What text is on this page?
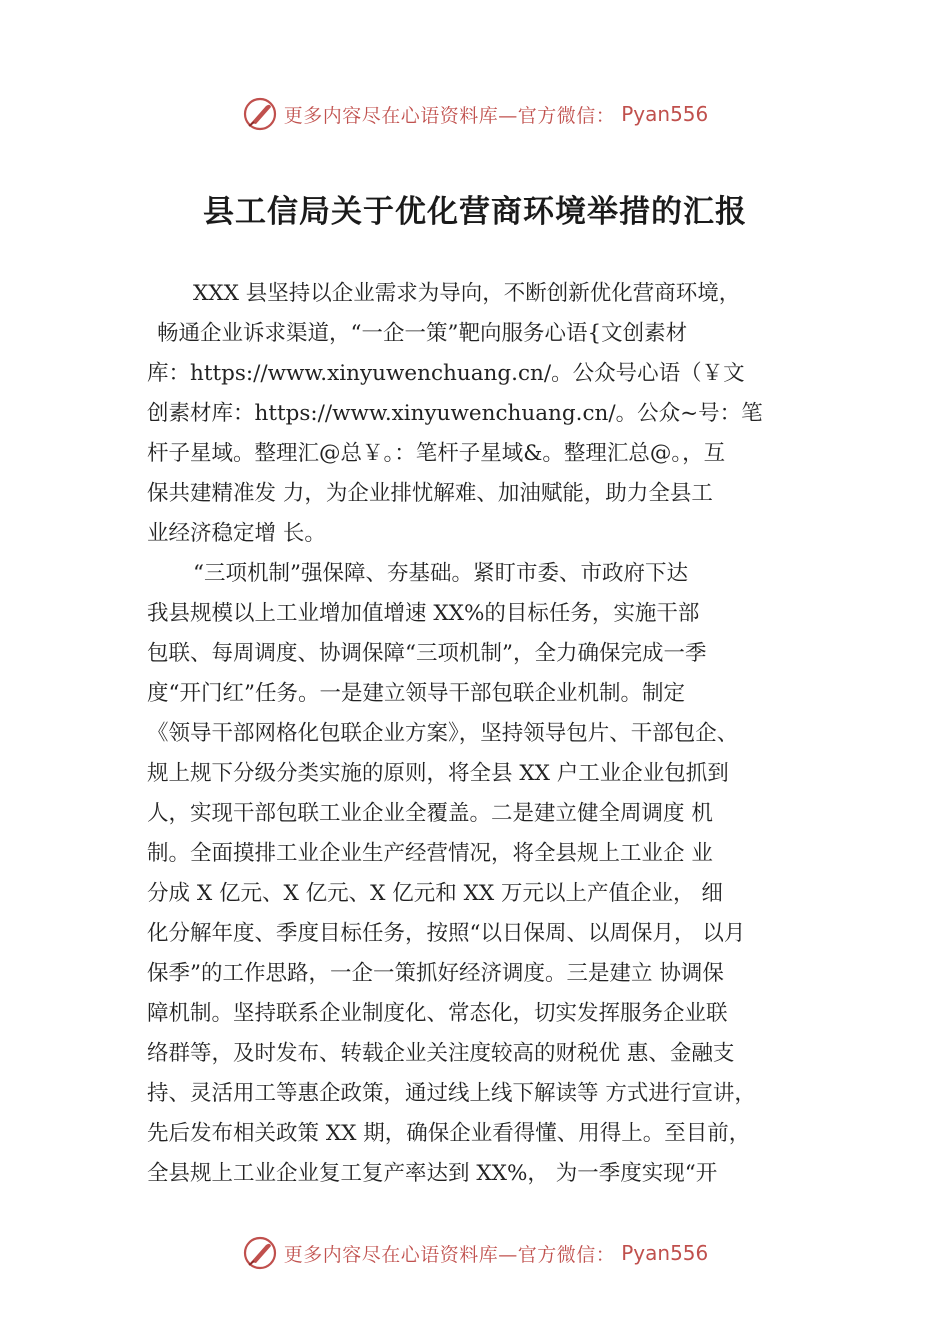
更多内容尽在心语资料库—官方微信： Pyan556
县工信局关于优化营商环境举措的汇报
XXX 县坚持以企业需求为导向，不断创新优化营商环境，
畅通企业诉求渠道，“一企一策”靶向服务心语{文创素材
库：https://www.xinyuwenchuang.cn/。公众号心语（￥文
创素材库：https://www.xinyuwenchuang.cn/。公众~号：笔
杆子星域。整理汇@总￥。：笔杆子星域&。整理汇总@。，互
保共建精准发 力，为企业排忧解难、加油赋能，助力全县工
业经济稳定增 长。
“三项机制”强保障、夯基础。紧盯市委、市政府下达
我县规模以上工业增加值增速 XX%的目标任务，实施干部
包联、每周调度、协调保障“三项机制”，全力确保完成一季
度“开门红”任务。一是建立领导干部包联企业机制。制定
《领导干部网格化包联企业方案》，坚持领导包片、干部包企、
规上规下分级分类实施的原则，将全县 XX 户工业企业包抓到
人，实现干部包联工业企业全覆盖。二是建立健全周调度 机
制。全面摸排工业企业生产经营情况，将全县规上工业企 业
分成 X 亿元、X 亿元、X 亿元和 XX 万元以上产值企业， 细
化分解年度、季度目标任务，按照“以日保周、以周保月， 以月
保季”的工作思路，一企一策抓好经济调度。三是建立 协调保
障机制。坚持联系企业制度化、常态化，切实发挥服务企业联
络群等，及时发布、转载企业关注度较高的财税优 惠、金融支
持、灵活用工等惠企政策，通过线上线下解读等 方式进行宣讲，
先后发布相关政策 XX 期，确保企业看得懂、用得上。至目前，
全县规上工业企业复工复产率达到 XX%， 为一季度实现“开
更多内容尽在心语资料库—官方微信： Pyan556
